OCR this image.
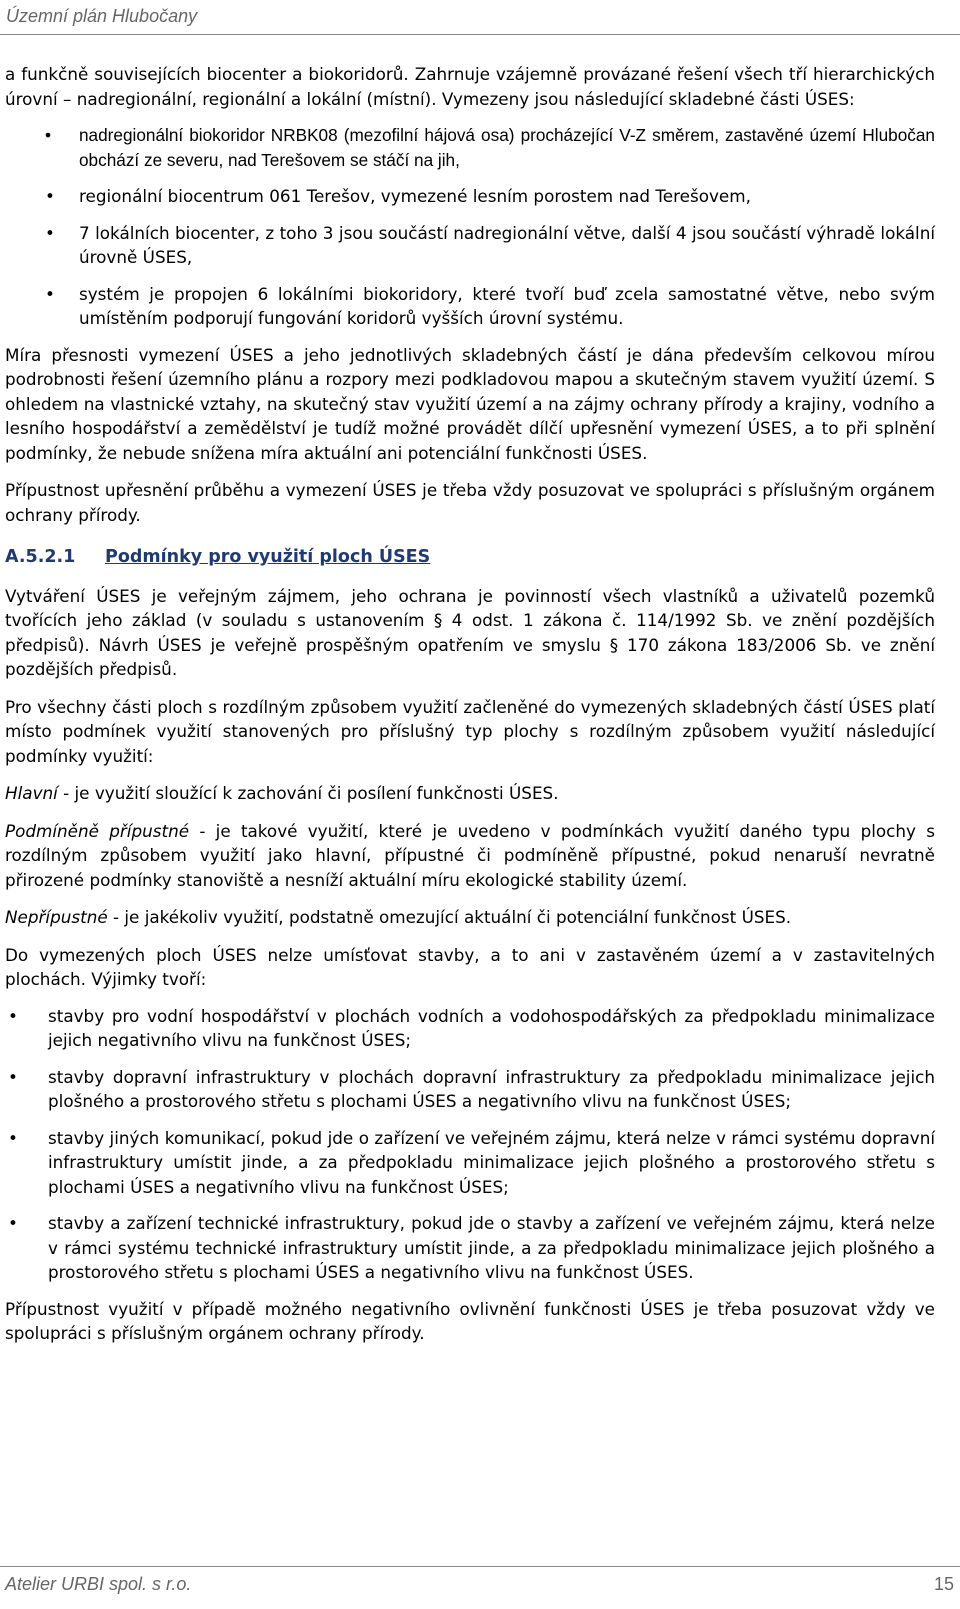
Územní plán Hlubočany

a funkčně souvisejících biocenter a biokoridorů. Zahrnuje vzájemně provázané řešení všech tří hierarchických úrovní – nadregionální, regionální a lokální (místní). Vymezeny jsou následující skladebné části ÚSES:

• nadregionální biokoridor NRBK08 (mezofilní hájová osa) procházející V-Z směrem, zastavěné území Hlubočan obchází ze severu, nad Terešovem se stáčí na jih,
• regionální biocentrum 061 Terešov, vymezené lesním porostem nad Terešovem,
• 7 lokálních biocenter, z toho 3 jsou součástí nadregionální větve, další 4 jsou součástí výhradě lokální úrovně ÚSES,
• systém je propojen 6 lokálními biokoridory, které tvoří buď zcela samostatné větve, nebo svým umístěním podporují fungování koridorů vyšších úrovní systému.

Míra přesnosti vymezení ÚSES a jeho jednotlivých skladebných částí je dána především celkovou mírou podrobnosti řešení územního plánu a rozpory mezi podkladovou mapou a skutečným stavem využití území. S ohledem na vlastnické vztahy, na skutečný stav využití území a na zájmy ochrany přírody a krajiny, vodního a lesního hospodářství a zemědělství je tudíž možné provádět dílčí upřesnění vymezení ÚSES, a to při splnění podmínky, že nebude snížena míra aktuální ani potenciální funkčnosti ÚSES.

Přípustnost upřesnění průběhu a vymezení ÚSES je třeba vždy posuzovat ve spolupráci s příslušným orgánem ochrany přírody.

A.5.2.1	Podmínky pro využití ploch ÚSES

Vytváření ÚSES je veřejným zájmem, jeho ochrana je povinností všech vlastníků a uživatelů pozemků tvořících jeho základ (v souladu s ustanovením § 4 odst. 1 zákona č. 114/1992 Sb. ve znění pozdějších předpisů). Návrh ÚSES je veřejně prospěšným opatřením ve smyslu § 170 zákona 183/2006 Sb. ve znění pozdějších předpisů.

Pro všechny části ploch s rozdílným způsobem využití začleněné do vymezených skladebných částí ÚSES platí místo podmínek využití stanovených pro příslušný typ plochy s rozdílným způsobem využití následující podmínky využití:

Hlavní - je využití sloužící k zachování či posílení funkčnosti ÚSES.

Podmíněně přípustné - je takové využití, které je uvedeno v podmínkách využití daného typu plochy s rozdílným způsobem využití jako hlavní, přípustné či podmíněně přípustné, pokud nenaruší nevratně přirozené podmínky stanoviště a nesníží aktuální míru ekologické stability území.

Nepřípustné - je jakékoliv využití, podstatně omezující aktuální či potenciální funkčnost ÚSES.

Do vymezených ploch ÚSES nelze umísťovat stavby, a to ani v zastavěném území a v zastavitelných plochách. Výjimky tvoří:

• stavby pro vodní hospodářství v plochách vodních a vodohospodářských za předpokladu minimalizace jejich negativního vlivu na funkčnost ÚSES;
• stavby dopravní infrastruktury v plochách dopravní infrastruktury za předpokladu minimalizace jejich plošného a prostorového střetu s plochami ÚSES a negativního vlivu na funkčnost ÚSES;
• stavby jiných komunikací, pokud jde o zařízení ve veřejném zájmu, která nelze v rámci systému dopravní infrastruktury umístit jinde, a za předpokladu minimalizace jejich plošného a prostorového střetu s plochami ÚSES a negativního vlivu na funkčnost ÚSES;
• stavby a zařízení technické infrastruktury, pokud jde o stavby a zařízení ve veřejném zájmu, která nelze v rámci systému technické infrastruktury umístit jinde, a za předpokladu minimalizace jejich plošného a prostorového střetu s plochami ÚSES a negativního vlivu na funkčnost ÚSES.

Přípustnost využití v případě možného negativního ovlivnění funkčnosti ÚSES je třeba posuzovat vždy ve spolupráci s příslušným orgánem ochrany přírody.

Atelier URBI spol. s r.o.	15
